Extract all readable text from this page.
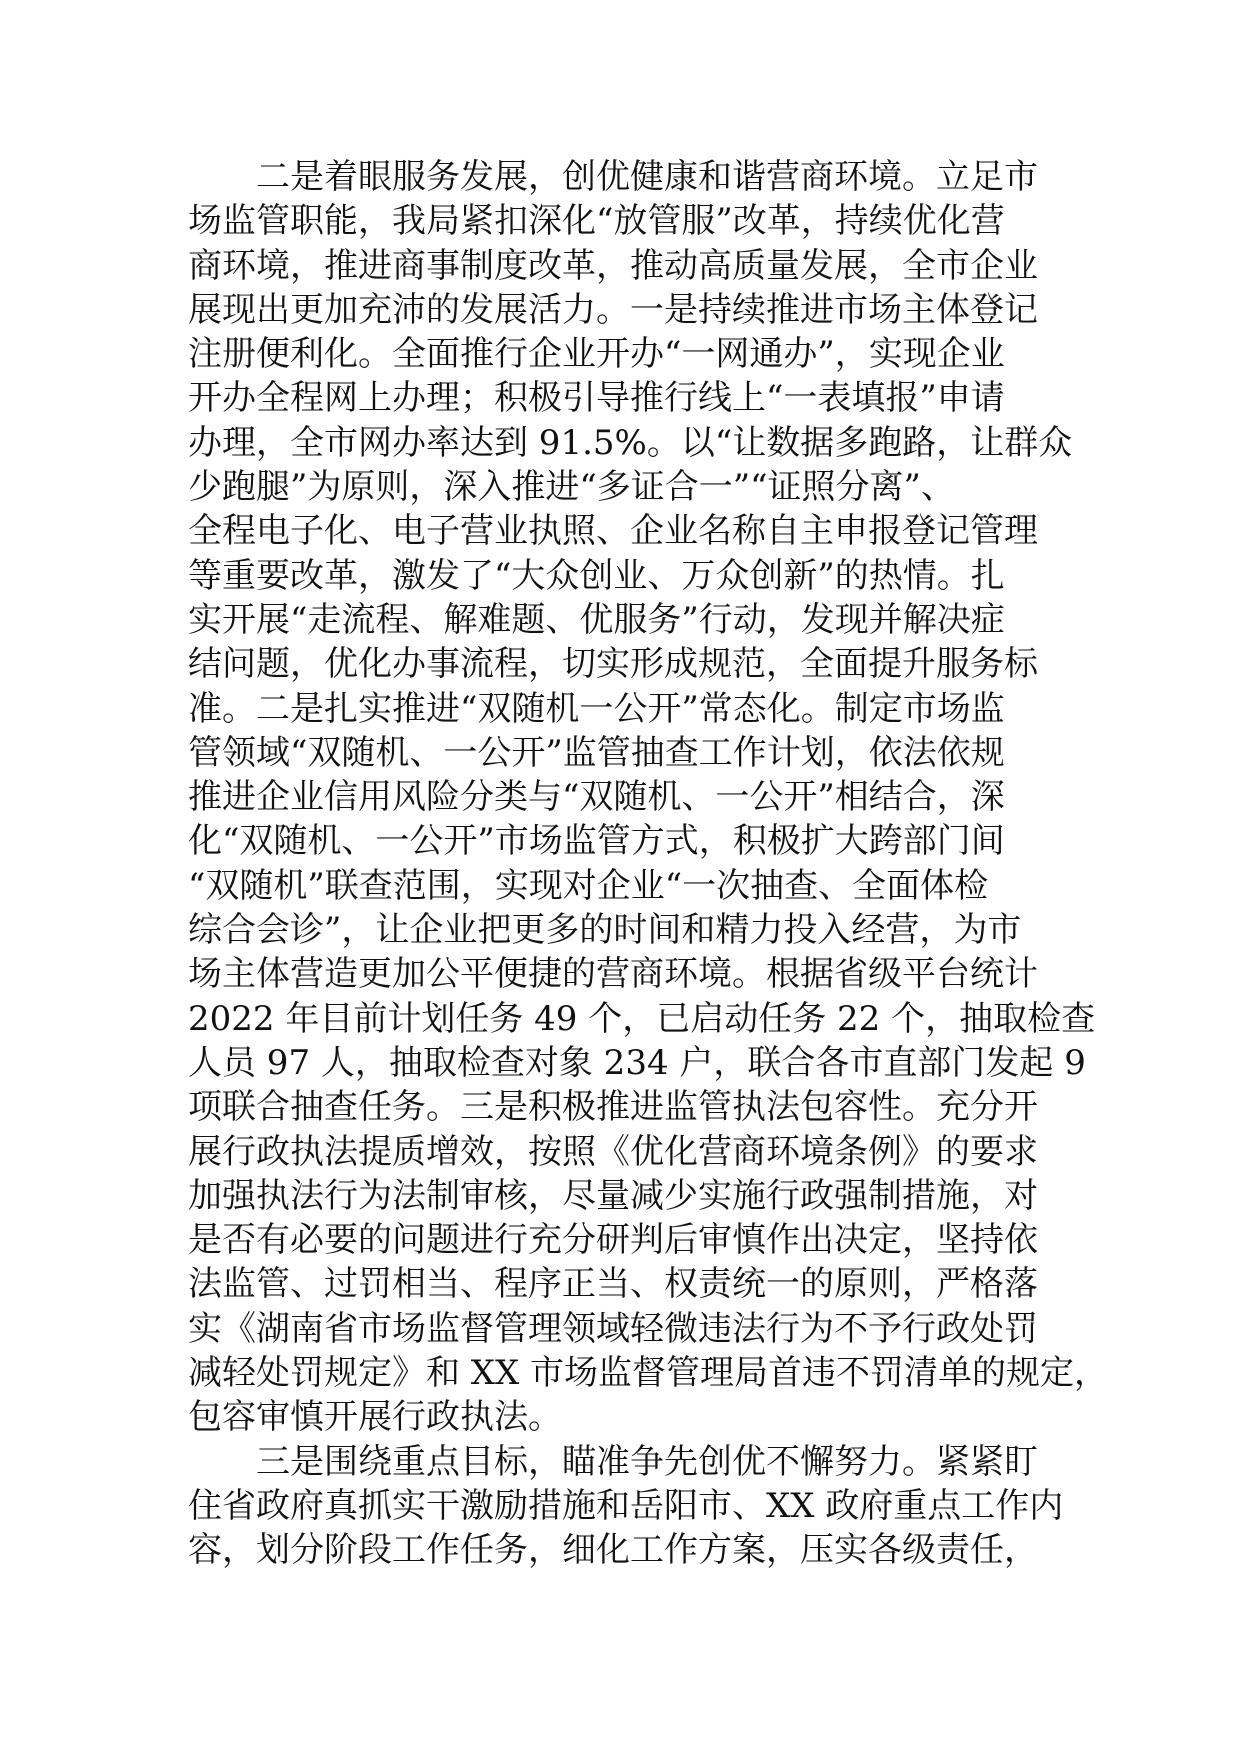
二是着眼服务发展，创优健康和谐营商环境。立足市
场监管职能，我局紧扣深化“放管服”改革，持续优化营
商环境，推进商事制度改革，推动高质量发展，全市企业
展现出更加充沛的发展活力。一是持续推进市场主体登记
注册便利化。全面推行企业开办“一网通办”，实现企业
开办全程网上办理；积极引导推行线上“一表填报”申请
办理，全市网办率达到 91.5%。以“让数据多跑路，让群众
少跑腿”为原则，深入推进“多证合一”“证照分离”、
全程电子化、电子营业执照、企业名称自主申报登记管理
等重要改革，激发了“大众创业、万众创新”的热情。扎
实开展“走流程、解难题、优服务”行动，发现并解决症
结问题，优化办事流程，切实形成规范，全面提升服务标
准。二是扎实推进“双随机一公开”常态化。制定市场监
管领域“双随机、一公开”监管抽查工作计划，依法依规
推进企业信用风险分类与“双随机、一公开”相结合，深
化“双随机、一公开”市场监管方式，积极扩大跨部门间
“双随机”联查范围，实现对企业“一次抽查、全面体检
综合会诊”，让企业把更多的时间和精力投入经营，为市
场主体营造更加公平便捷的营商环境。根据省级平台统计
2022 年目前计划任务 49 个，已启动任务 22 个，抽取检查
人员 97 人，抽取检查对象 234 户，联合各市直部门发起 9
项联合抽查任务。三是积极推进监管执法包容性。充分开
展行政执法提质增效，按照《优化营商环境条例》的要求
加强执法行为法制审核，尽量减少实施行政强制措施，对
是否有必要的问题进行充分研判后审慎作出决定，坚持依
法监管、过罚相当、程序正当、权责统一的原则，严格落
实《湖南省市场监督管理领域轻微违法行为不予行政处罚
减轻处罚规定》和 XX 市场监督管理局首违不罚清单的规定，
包容审慎开展行政执法。
三是围绕重点目标，瞄准争先创优不懈努力。紧紧盯
住省政府真抓实干激励措施和岳阳市、XX 政府重点工作内
容，划分阶段工作任务，细化工作方案，压实各级责任，
